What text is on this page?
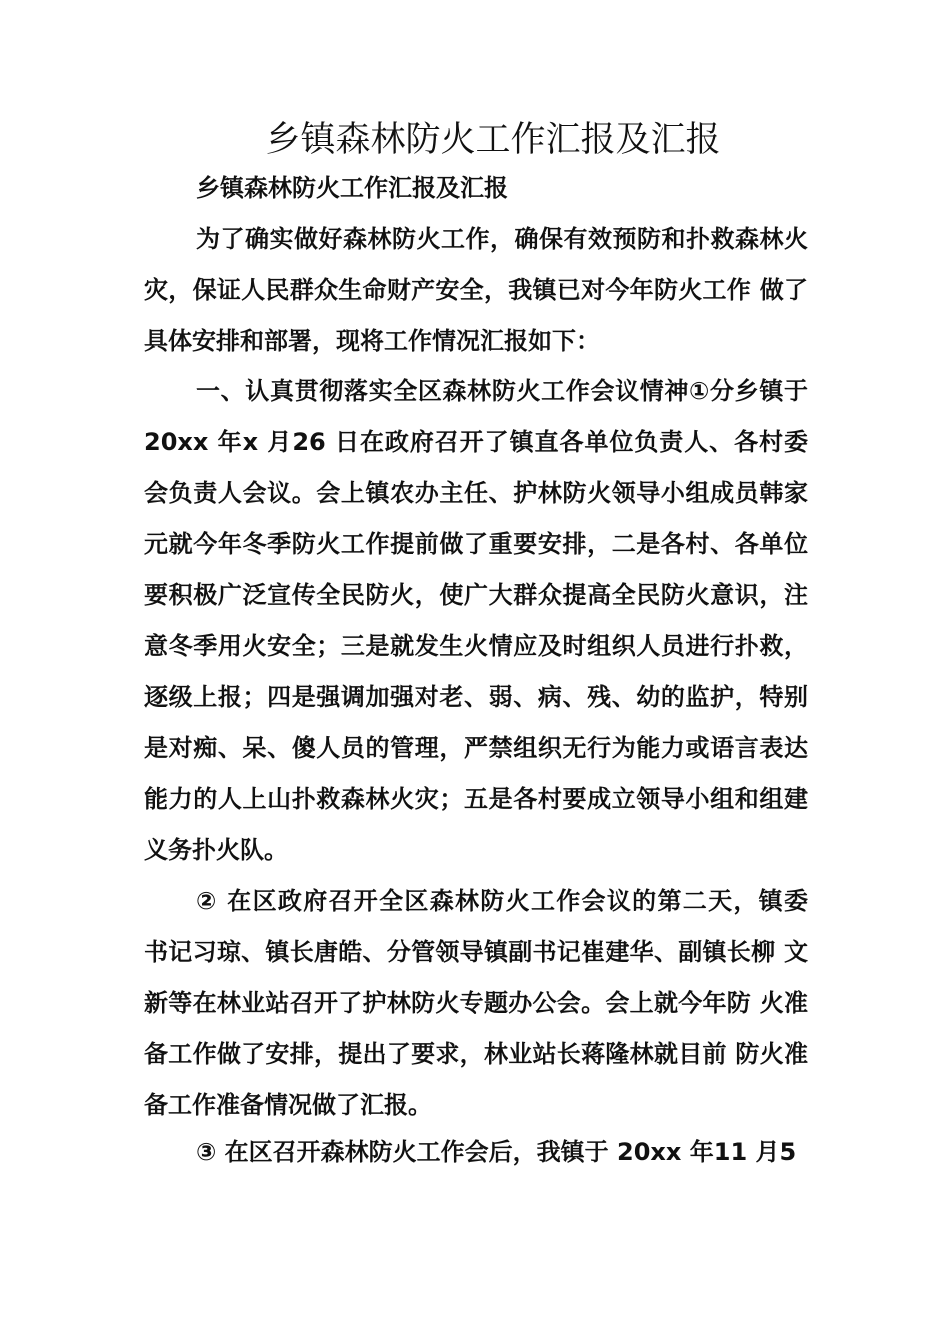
乡镇森林防火工作汇报及汇报

乡镇森林防火工作汇报及汇报

为了确实做好森林防火工作，确保有效预防和扑救森林火灾，保证人民群众生命财产安全，我镇已对今年防火工作 做了具体安排和部署，现将工作情况汇报如下：

一、认真贯彻落实全区森林防火工作会议情神①分乡镇于20xx 年x 月26 日在政府召开了镇直各单位负责人、各村委会负责人会议。会上镇农办主任、护林防火领导小组成员韩家元就今年冬季防火工作提前做了重要安排，二是各村、各单位要积极广泛宣传全民防火，使广大群众提高全民防火意识，注意冬季用火安全；三是就发生火情应及时组织人员进行扑救，逐级上报；四是强调加强对老、弱、病、残、幼的监护，特别是对痴、呆、傻人员的管理，严禁组织无行为能力或语言表达能力的人上山扑救森林火灾；五是各村要成立领导小组和组建义务扑火队。

② 在区政府召开全区森林防火工作会议的第二天，镇委 书记习琼、镇长唐皓、分管领导镇副书记崔建华、副镇长柳 文新等在林业站召开了护林防火专题办公会。会上就今年防 火准备工作做了安排，提出了要求，林业站长蒋隆林就目前 防火准备工作准备情况做了汇报。

③ 在区召开森林防火工作会后，我镇于 20xx 年11 月5
